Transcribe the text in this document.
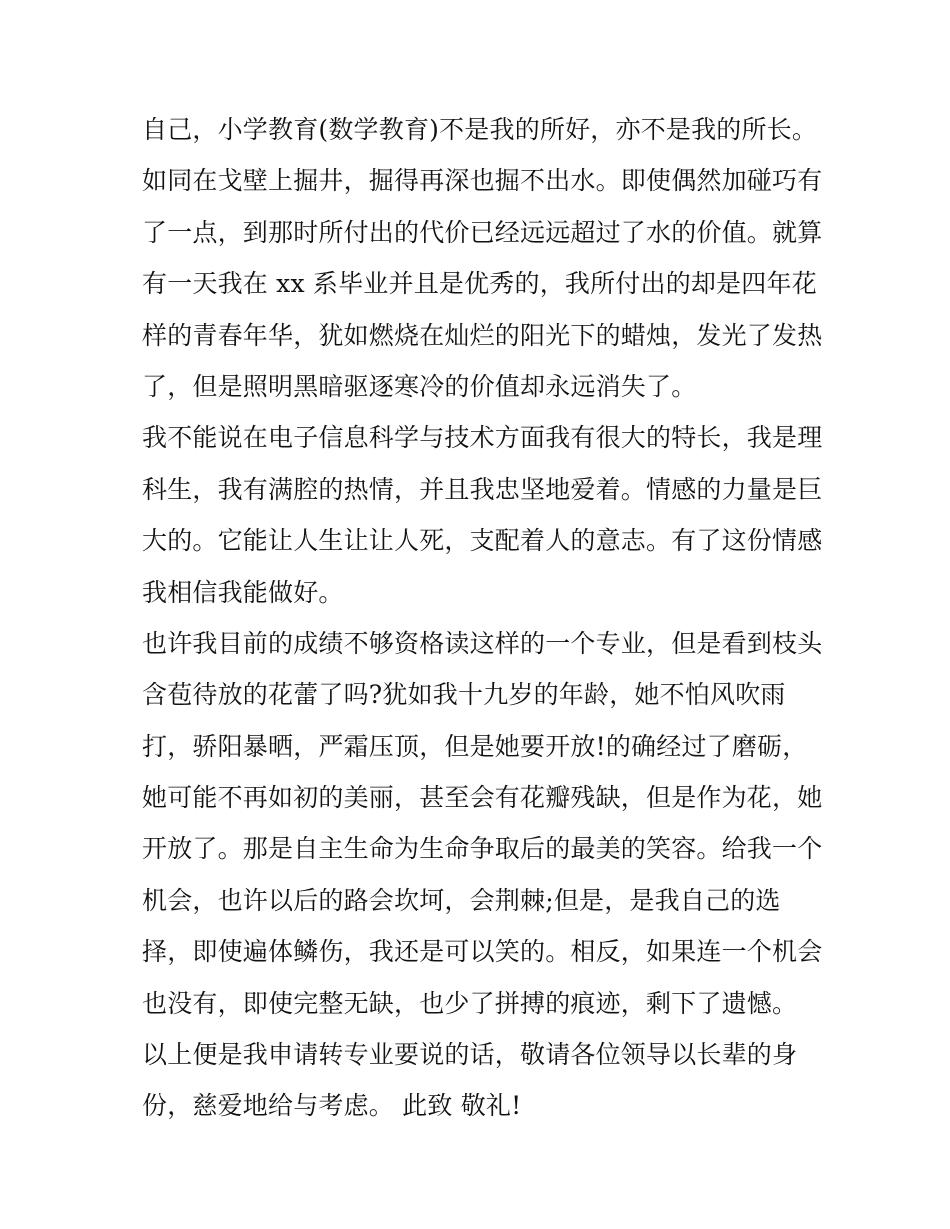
自己，小学教育(数学教育)不是我的所好，亦不是我的所长。
如同在戈壁上掘井，掘得再深也掘不出水。即使偶然加碰巧有
了一点，到那时所付出的代价已经远远超过了水的价值。就算
有一天我在 xx 系毕业并且是优秀的，我所付出的却是四年花
样的青春年华，犹如燃烧在灿烂的阳光下的蜡烛，发光了发热
了，但是照明黑暗驱逐寒冷的价值却永远消失了。
我不能说在电子信息科学与技术方面我有很大的特长，我是理
科生，我有满腔的热情，并且我忠坚地爱着。情感的力量是巨
大的。它能让人生让让人死，支配着人的意志。有了这份情感
我相信我能做好。
也许我目前的成绩不够资格读这样的一个专业，但是看到枝头
含苞待放的花蕾了吗?犹如我十九岁的年龄，她不怕风吹雨
打，骄阳暴晒，严霜压顶，但是她要开放!的确经过了磨砺，
她可能不再如初的美丽，甚至会有花瓣残缺，但是作为花，她
开放了。那是自主生命为生命争取后的最美的笑容。给我一个
机会，也许以后的路会坎坷，会荆棘;但是，是我自己的选
择，即使遍体鳞伤，我还是可以笑的。相反，如果连一个机会
也没有，即使完整无缺，也少了拼搏的痕迹，剩下了遗憾。
以上便是我申请转专业要说的话，敬请各位领导以长辈的身
份，慈爱地给与考虑。 此致 敬礼!
